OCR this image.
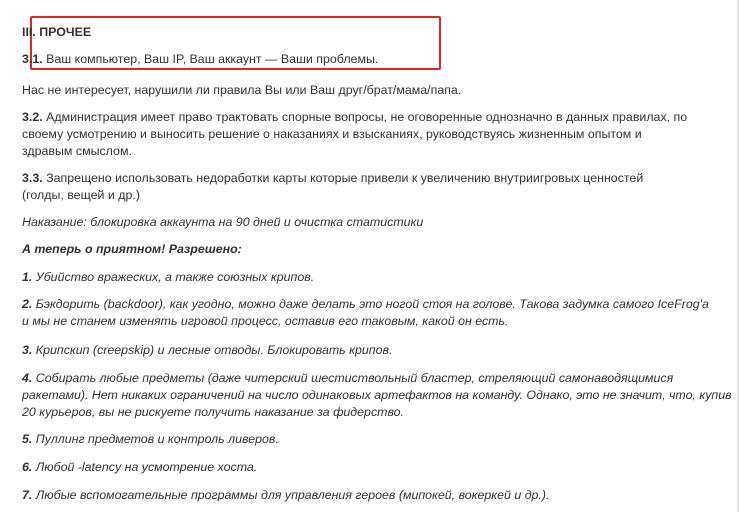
III. ПРОЧЕЕ
3.1. Ваш компьютер, Ваш IP, Ваш аккаунт — Ваши проблемы.
Нас не интересует, нарушили ли правила Вы или Ваш друг/брат/мама/папа.
3.2. Администрация имеет право трактовать спорные вопросы, не оговоренные однозначно в данных правилах, по
своему усмотрению и выносить решение о наказаниях и взысканиях, руководствуясь жизненным опытом и
здравым смыслом.
3.3. Запрещено использовать недоработки карты которые привели к увеличению внутриигровых ценностей
(голды, вещей и др.)
Наказание: блокировка аккаунта на 90 дней и очистка статистики
А теперь о приятном! Разрешено:
1. Убийство вражеских, а также союзных крипов.
2. Бэкдорить (backdoor), как угодно, можно даже делать это ногой стоя на голове. Такова задумка самого IceFrog'a
и мы не станем изменять игровой процесс, оставив его таковым, какой он есть.
3. Крипскип (creepskip) и лесные отводы. Блокировать крипов.
4. Собирать любые предметы (даже читерский шестиствольный бластер, стреляющий самонаводящимися
ракетами). Нет никаких ограничений на число одинаковых артефактов на команду. Однако, это не значит, что, купив
20 курьеров, вы не рискуете получить наказание за фидерство.
5. Пуллинг предметов и контроль ливеров.
6. Любой -latency на усмотрение хоста.
7. Любые вспомогательные программы для управления героев (мипокей, вокеркей и др.).
